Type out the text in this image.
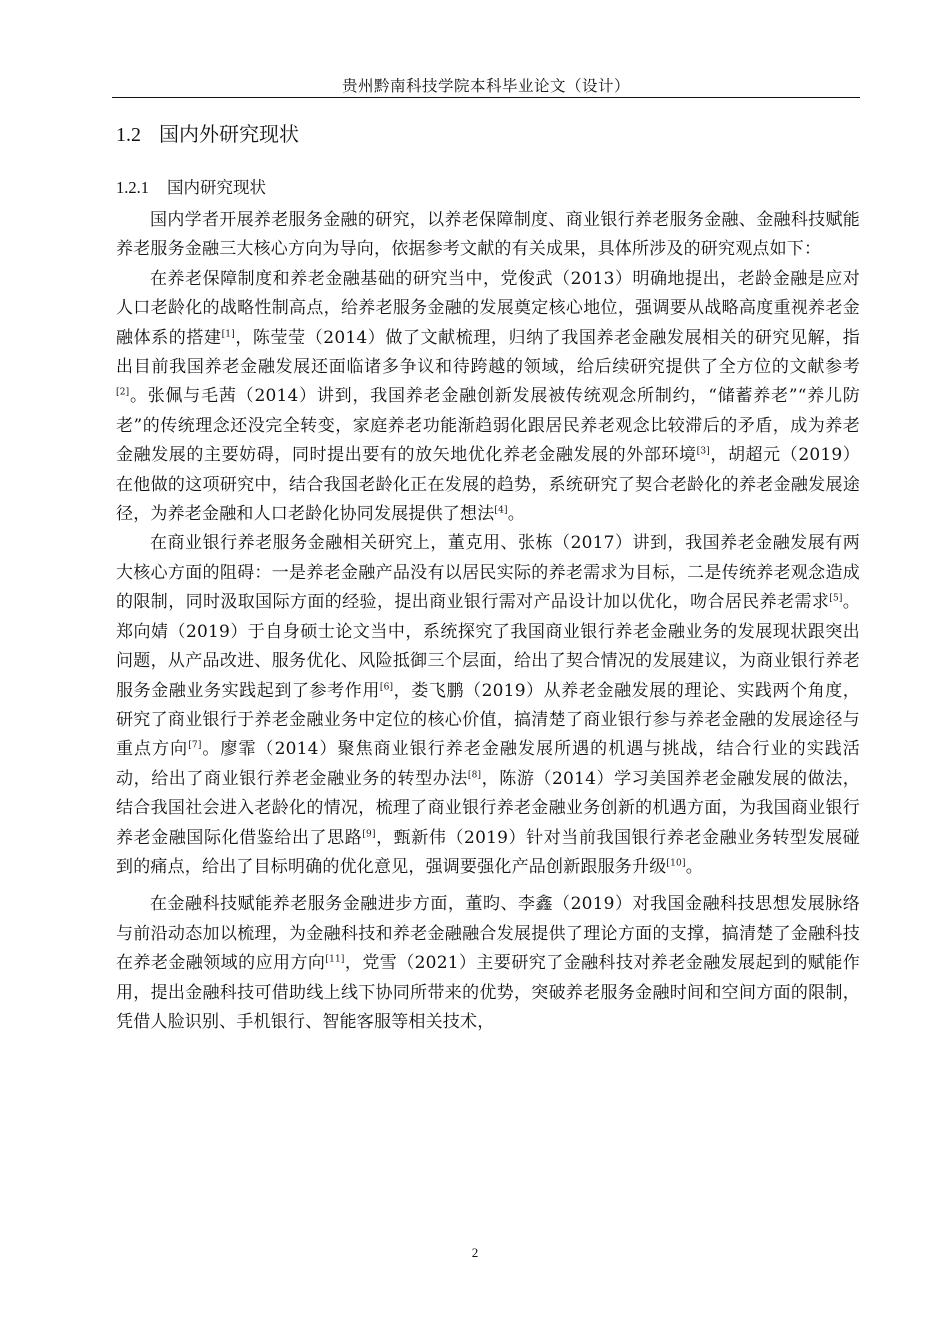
贵州黔南科技学院本科毕业论文（设计）
1.2 国内外研究现状
1.2.1 国内研究现状

国内学者开展养老服务金融的研究，以养老保障制度、商业银行养老服务金融、金融科技赋能养老服务金融三大核心方向为导向，依据参考文献的有关成果，具体所涉及的研究观点如下：

在养老保障制度和养老金融基础的研究当中，党俊武（2013）明确地提出，老龄金融是应对人口老龄化的战略性制高点，给养老服务金融的发展奠定核心地位，强调要从战略高度重视养老金融体系的搭建[1]，陈莹莹（2014）做了文献梳理，归纳了我国养老金融发展相关的研究见解，指出目前我国养老金融发展还面临诸多争议和待跨越的领域，给后续研究提供了全方位的文献参考[2]。张佩与毛茜（2014）讲到，我国养老金融创新发展被传统观念所制约，“储蓄养老”“养儿防老”的传统理念还没完全转变，家庭养老功能渐趋弱化跟居民养老观念比较滞后的矛盾，成为养老金融发展的主要妨碍，同时提出要有的放矢地优化养老金融发展的外部环境[3]，胡超元（2019）在他做的这项研究中，结合我国老龄化正在发展的趋势，系统研究了契合老龄化的养老金融发展途径，为养老金融和人口老龄化协同发展提供了想法[4]。

在商业银行养老服务金融相关研究上，董克用、张栋（2017）讲到，我国养老金融发展有两大核心方面的阻碍：一是养老金融产品没有以居民实际的养老需求为目标，二是传统养老观念造成的限制，同时汲取国际方面的经验，提出商业银行需对产品设计加以优化，吻合居民养老需求[5]。郑向婧（2019）于自身硕士论文当中，系统探究了我国商业银行养老金融业务的发展现状跟突出问题，从产品改进、服务优化、风险抵御三个层面，给出了契合情况的发展建议，为商业银行养老服务金融业务实践起到了参考作用[6]，娄飞鹏（2019）从养老金融发展的理论、实践两个角度，研究了商业银行于养老金融业务中定位的核心价值，搞清楚了商业银行参与养老金融的发展途径与重点方向[7]。廖霏（2014）聚焦商业银行养老金融发展所遇的机遇与挑战，结合行业的实践活动，给出了商业银行养老金融业务的转型办法[8]，陈游（2014）学习美国养老金融发展的做法，结合我国社会进入老龄化的情况，梳理了商业银行养老金融业务创新的机遇方面，为我国商业银行养老金融国际化借鉴给出了思路[9]，甄新伟（2019）针对当前我国银行养老金融业务转型发展碰到的痛点，给出了目标明确的优化意见，强调要强化产品创新跟服务升级[10]。

在金融科技赋能养老服务金融进步方面，董昀、李鑫（2019）对我国金融科技思想发展脉络与前沿动态加以梳理，为金融科技和养老金融融合发展提供了理论方面的支撑，搞清楚了金融科技在养老金融领域的应用方向[11]，党雪（2021）主要研究了金融科技对养老金融发展起到的赋能作用，提出金融科技可借助线上线下协同所带来的优势，突破养老服务金融时间和空间方面的限制，凭借人脸识别、手机银行、智能客服等相关技术，

2
